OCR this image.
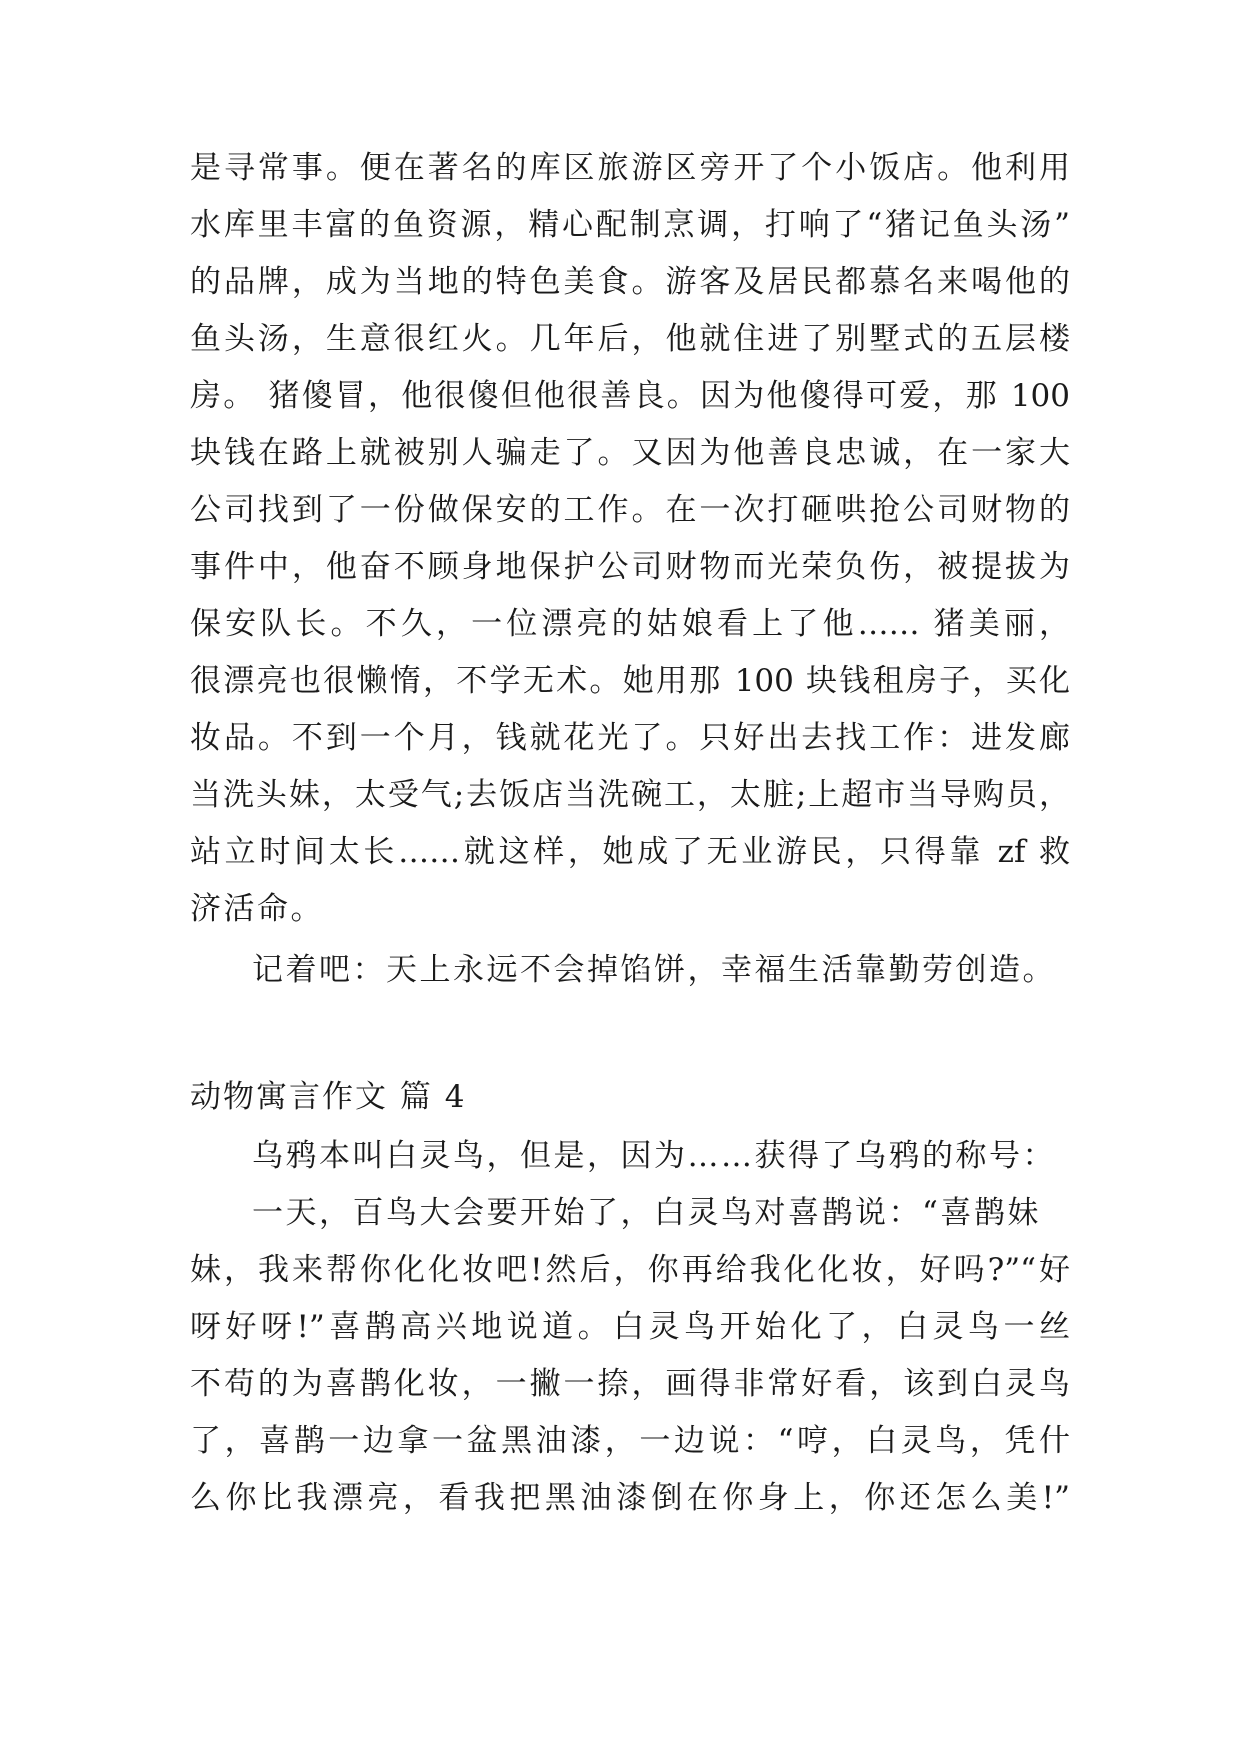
是寻常事。便在著名的库区旅游区旁开了个小饭店。他利用
水库里丰富的鱼资源，精心配制烹调，打响了“猪记鱼头汤”
的品牌，成为当地的特色美食。游客及居民都慕名来喝他的
鱼头汤，生意很红火。几年后，他就住进了别墅式的五层楼
房。 猪傻冒，他很傻但他很善良。因为他傻得可爱，那 100
块钱在路上就被别人骗走了。又因为他善良忠诚，在一家大
公司找到了一份做保安的工作。在一次打砸哄抢公司财物的
事件中，他奋不顾身地保护公司财物而光荣负伤，被提拔为
保安队长。不久，一位漂亮的姑娘看上了他…… 猪美丽，
很漂亮也很懒惰，不学无术。她用那 100 块钱租房子，买化
妆品。不到一个月，钱就花光了。只好出去找工作：进发廊
当洗头妹，太受气;去饭店当洗碗工，太脏;上超市当导购员，
站立时间太长……就这样，她成了无业游民，只得靠 zf 救
济活命。
记着吧：天上永远不会掉馅饼，幸福生活靠勤劳创造。
动物寓言作文 篇 4
乌鸦本叫白灵鸟，但是，因为……获得了乌鸦的称号：
一天，百鸟大会要开始了，白灵鸟对喜鹊说：“喜鹊妹
妹，我来帮你化化妆吧!然后，你再给我化化妆，好吗?”“好
呀好呀!”喜鹊高兴地说道。白灵鸟开始化了，白灵鸟一丝
不苟的为喜鹊化妆，一撇一捺，画得非常好看，该到白灵鸟
了，喜鹊一边拿一盆黑油漆，一边说：“哼，白灵鸟，凭什
么你比我漂亮，看我把黑油漆倒在你身上，你还怎么美!”
